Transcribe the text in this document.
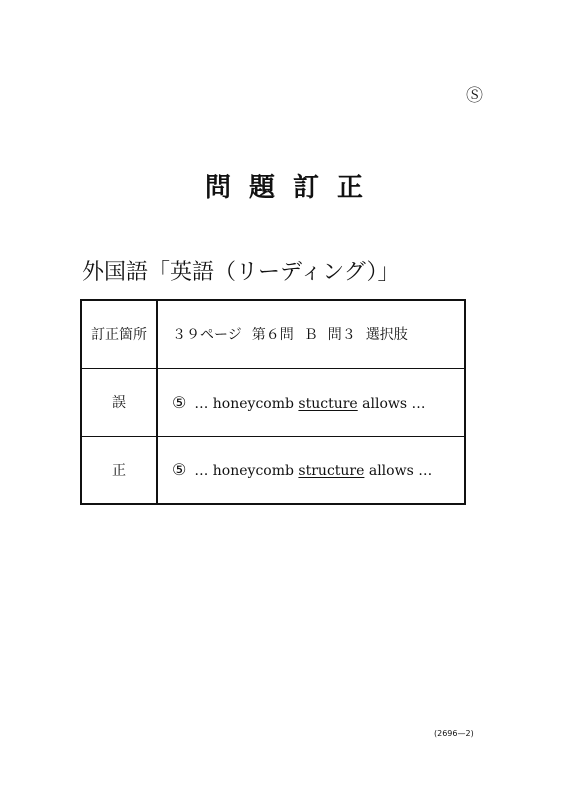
Ⓢ
問 題 訂 正
外国語「英語（リーディング）」
訂正箇所	３９ページ 第６問 Ｂ 問３ 選択肢
誤	⑤ … honeycomb stucture allows …
正	⑤ … honeycomb structure allows …
(2696—2)
